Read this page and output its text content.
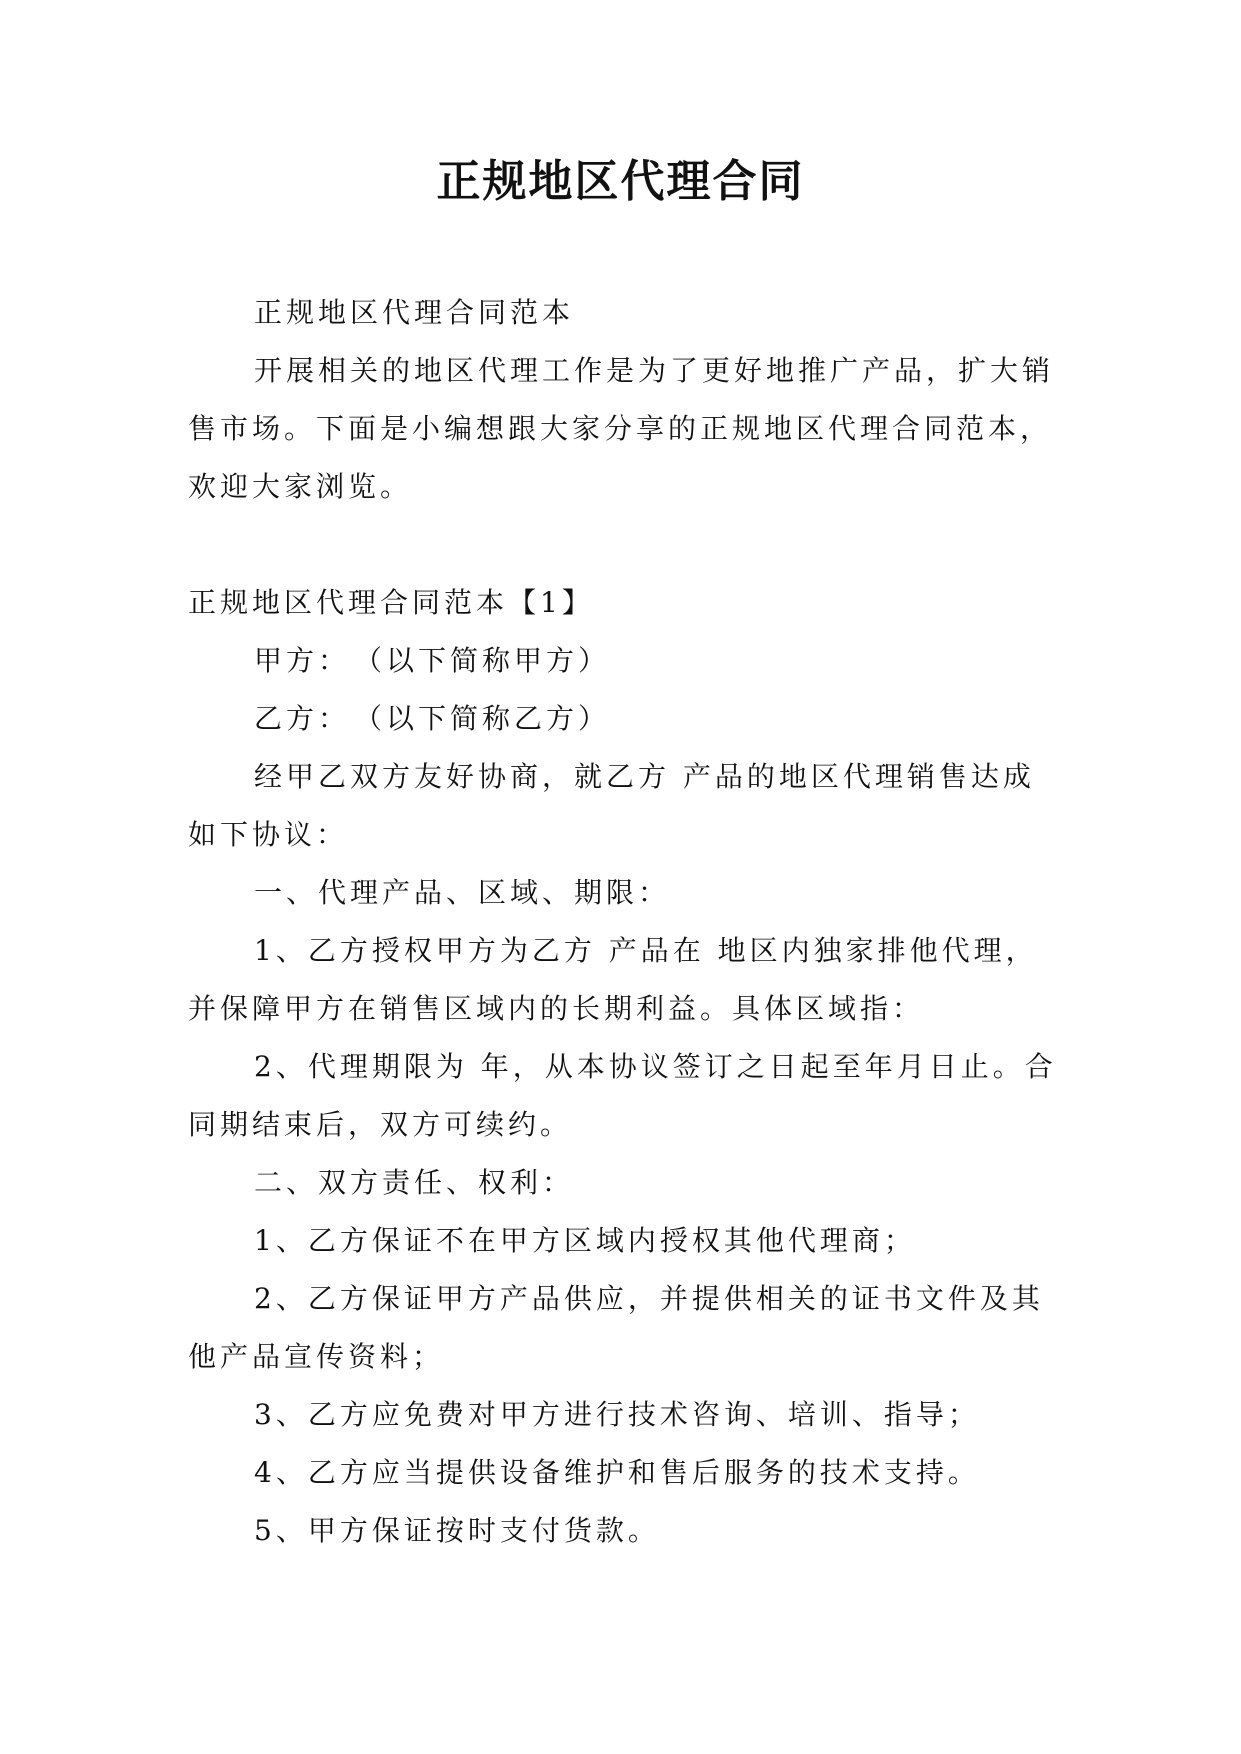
正规地区代理合同

正规地区代理合同范本

开展相关的地区代理工作是为了更好地推广产品，扩大销售市场。下面是小编想跟大家分享的正规地区代理合同范本，欢迎大家浏览。

正规地区代理合同范本【1】

甲方：　（以下简称甲方）

乙方：　（以下简称乙方）

经甲乙双方友好协商，就乙方 产品的地区代理销售达成如下协议：

一、代理产品、区域、期限：

1、乙方授权甲方为乙方 产品在 地区内独家排他代理，并保障甲方在销售区域内的长期利益。具体区域指：

2、代理期限为 年，从本协议签订之日起至年月日止。合同期结束后，双方可续约。

二、双方责任、权利：

1、乙方保证不在甲方区域内授权其他代理商；

2、乙方保证甲方产品供应，并提供相关的证书文件及其他产品宣传资料；

3、乙方应免费对甲方进行技术咨询、培训、指导；

4、乙方应当提供设备维护和售后服务的技术支持。

5、甲方保证按时支付货款。
